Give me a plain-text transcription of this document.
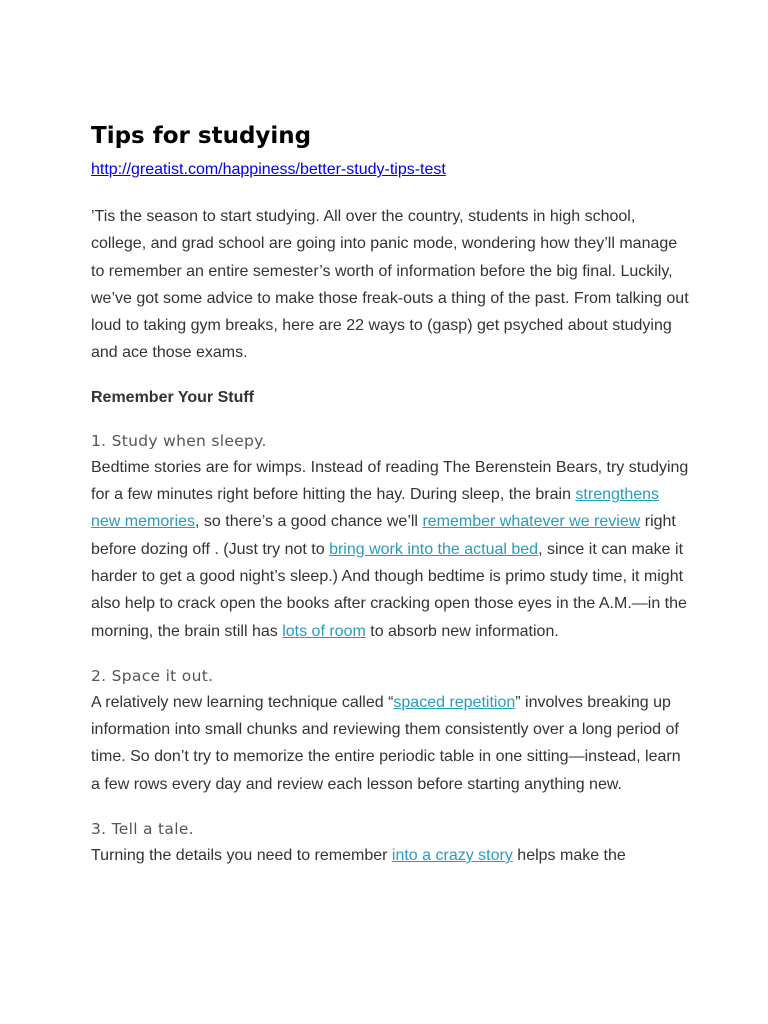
Tips for studying
http://greatist.com/happiness/better-study-tips-test

’Tis the season to start studying. All over the country, students in high school, college, and grad school are going into panic mode, wondering how they’ll manage to remember an entire semester’s worth of information before the big final. Luckily, we’ve got some advice to make those freak-outs a thing of the past. From talking out loud to taking gym breaks, here are 22 ways to (gasp) get psyched about studying and ace those exams.

Remember Your Stuff
1. Study when sleepy.

Bedtime stories are for wimps. Instead of reading The Berenstein Bears, try studying for a few minutes right before hitting the hay. During sleep, the brain strengthens new memories, so there’s a good chance we’ll remember whatever we review right before dozing off . (Just try not to bring work into the actual bed, since it can make it harder to get a good night’s sleep.) And though bedtime is primo study time, it might also help to crack open the books after cracking open those eyes in the A.M.—in the morning, the brain still has lots of room to absorb new information.

2. Space it out.

A relatively new learning technique called “spaced repetition” involves breaking up information into small chunks and reviewing them consistently over a long period of time. So don’t try to memorize the entire periodic table in one sitting—instead, learn a few rows every day and review each lesson before starting anything new.

3. Tell a tale.

Turning the details you need to remember into a crazy story helps make the
